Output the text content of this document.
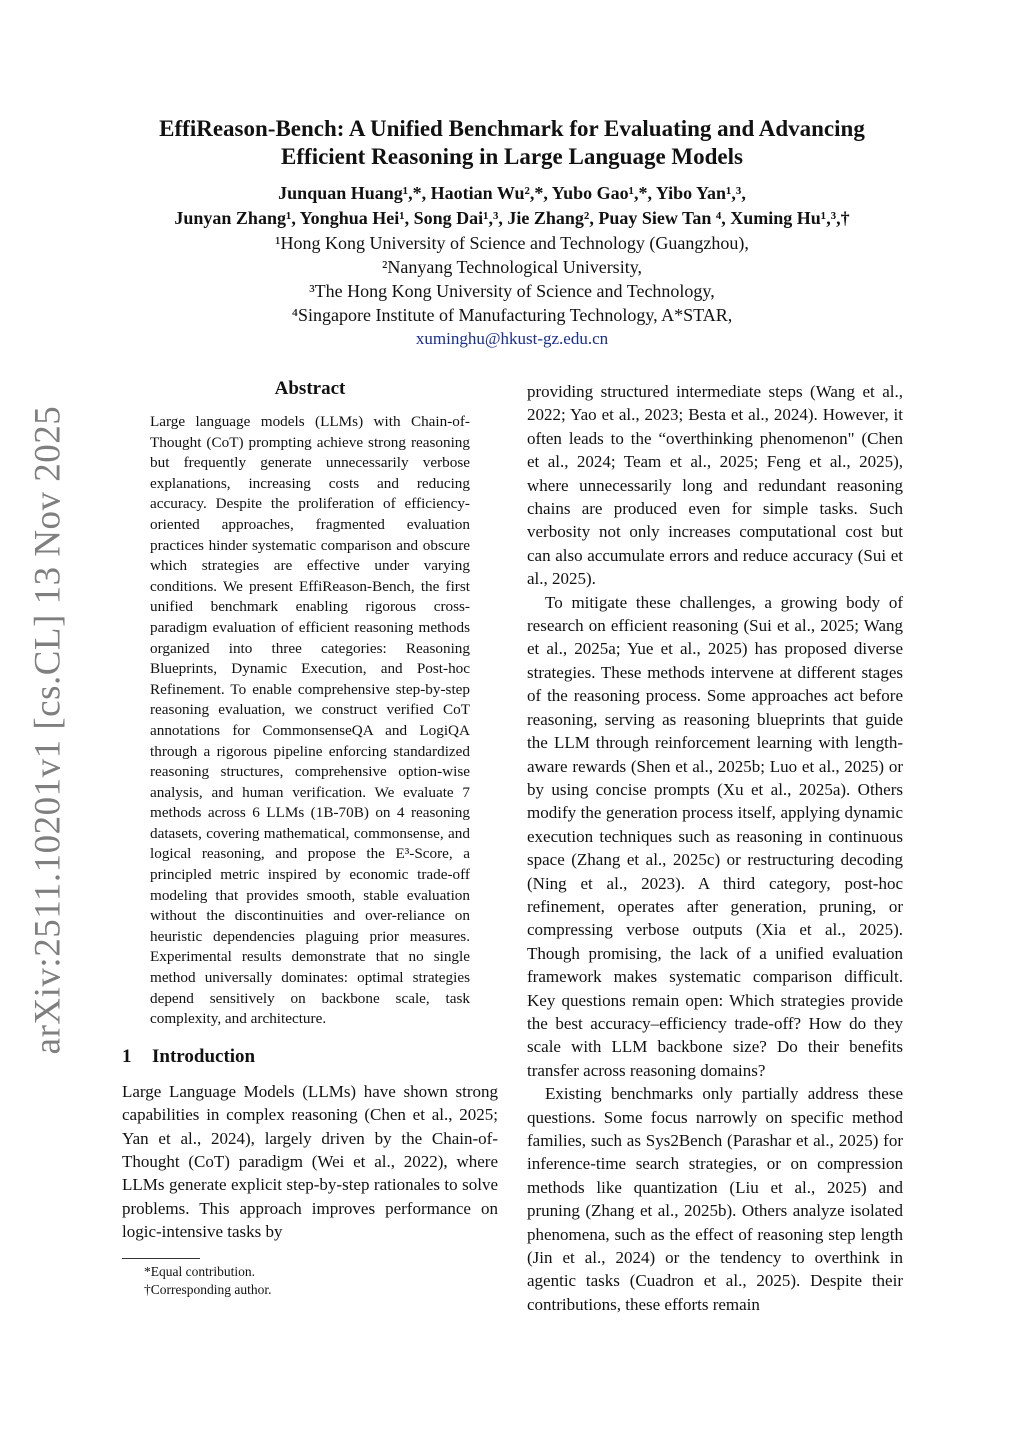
arXiv:2511.10201v1 [cs.CL] 13 Nov 2025
EffiReason-Bench: A Unified Benchmark for Evaluating and Advancing
Efficient Reasoning in Large Language Models
Junquan Huang¹,*, Haotian Wu²,*, Yubo Gao¹,*, Yibo Yan¹,³,
Junyan Zhang¹, Yonghua Hei¹, Song Dai¹,³, Jie Zhang², Puay Siew Tan ⁴, Xuming Hu¹,³,†
¹Hong Kong University of Science and Technology (Guangzhou),
²Nanyang Technological University,
³The Hong Kong University of Science and Technology,
⁴Singapore Institute of Manufacturing Technology, A*STAR,
xuminghu@hkust-gz.edu.cn
Abstract

Large language models (LLMs) with Chain-of-Thought (CoT) prompting achieve strong reasoning but frequently generate unnecessarily verbose explanations, increasing costs and reducing accuracy. Despite the proliferation of efficiency-oriented approaches, fragmented evaluation practices hinder systematic comparison and obscure which strategies are effective under varying conditions. We present EffiReason-Bench, the first unified benchmark enabling rigorous cross-paradigm evaluation of efficient reasoning methods organized into three categories: Reasoning Blueprints, Dynamic Execution, and Post-hoc Refinement. To enable comprehensive step-by-step reasoning evaluation, we construct verified CoT annotations for CommonsenseQA and LogiQA through a rigorous pipeline enforcing standardized reasoning structures, comprehensive option-wise analysis, and human verification. We evaluate 7 methods across 6 LLMs (1B-70B) on 4 reasoning datasets, covering mathematical, commonsense, and logical reasoning, and propose the E³-Score, a principled metric inspired by economic trade-off modeling that provides smooth, stable evaluation without the discontinuities and over-reliance on heuristic dependencies plaguing prior measures. Experimental results demonstrate that no single method universally dominates: optimal strategies depend sensitively on backbone scale, task complexity, and architecture.

1 Introduction

Large Language Models (LLMs) have shown strong capabilities in complex reasoning (Chen et al., 2025; Yan et al., 2024), largely driven by the Chain-of-Thought (CoT) paradigm (Wei et al., 2022), where LLMs generate explicit step-by-step rationales to solve problems. This approach improves performance on logic-intensive tasks by

*Equal contribution.
†Corresponding author.

providing structured intermediate steps (Wang et al., 2022; Yao et al., 2023; Besta et al., 2024). However, it often leads to the “overthinking phenomenon" (Chen et al., 2024; Team et al., 2025; Feng et al., 2025), where unnecessarily long and redundant reasoning chains are produced even for simple tasks. Such verbosity not only increases computational cost but can also accumulate errors and reduce accuracy (Sui et al., 2025).

To mitigate these challenges, a growing body of research on efficient reasoning (Sui et al., 2025; Wang et al., 2025a; Yue et al., 2025) has proposed diverse strategies. These methods intervene at different stages of the reasoning process. Some approaches act before reasoning, serving as reasoning blueprints that guide the LLM through reinforcement learning with length-aware rewards (Shen et al., 2025b; Luo et al., 2025) or by using concise prompts (Xu et al., 2025a). Others modify the generation process itself, applying dynamic execution techniques such as reasoning in continuous space (Zhang et al., 2025c) or restructuring decoding (Ning et al., 2023). A third category, post-hoc refinement, operates after generation, pruning, or compressing verbose outputs (Xia et al., 2025). Though promising, the lack of a unified evaluation framework makes systematic comparison difficult. Key questions remain open: Which strategies provide the best accuracy–efficiency trade-off? How do they scale with LLM backbone size? Do their benefits transfer across reasoning domains?

Existing benchmarks only partially address these questions. Some focus narrowly on specific method families, such as Sys2Bench (Parashar et al., 2025) for inference-time search strategies, or on compression methods like quantization (Liu et al., 2025) and pruning (Zhang et al., 2025b). Others analyze isolated phenomena, such as the effect of reasoning step length (Jin et al., 2024) or the tendency to overthink in agentic tasks (Cuadron et al., 2025). Despite their contributions, these efforts remain
